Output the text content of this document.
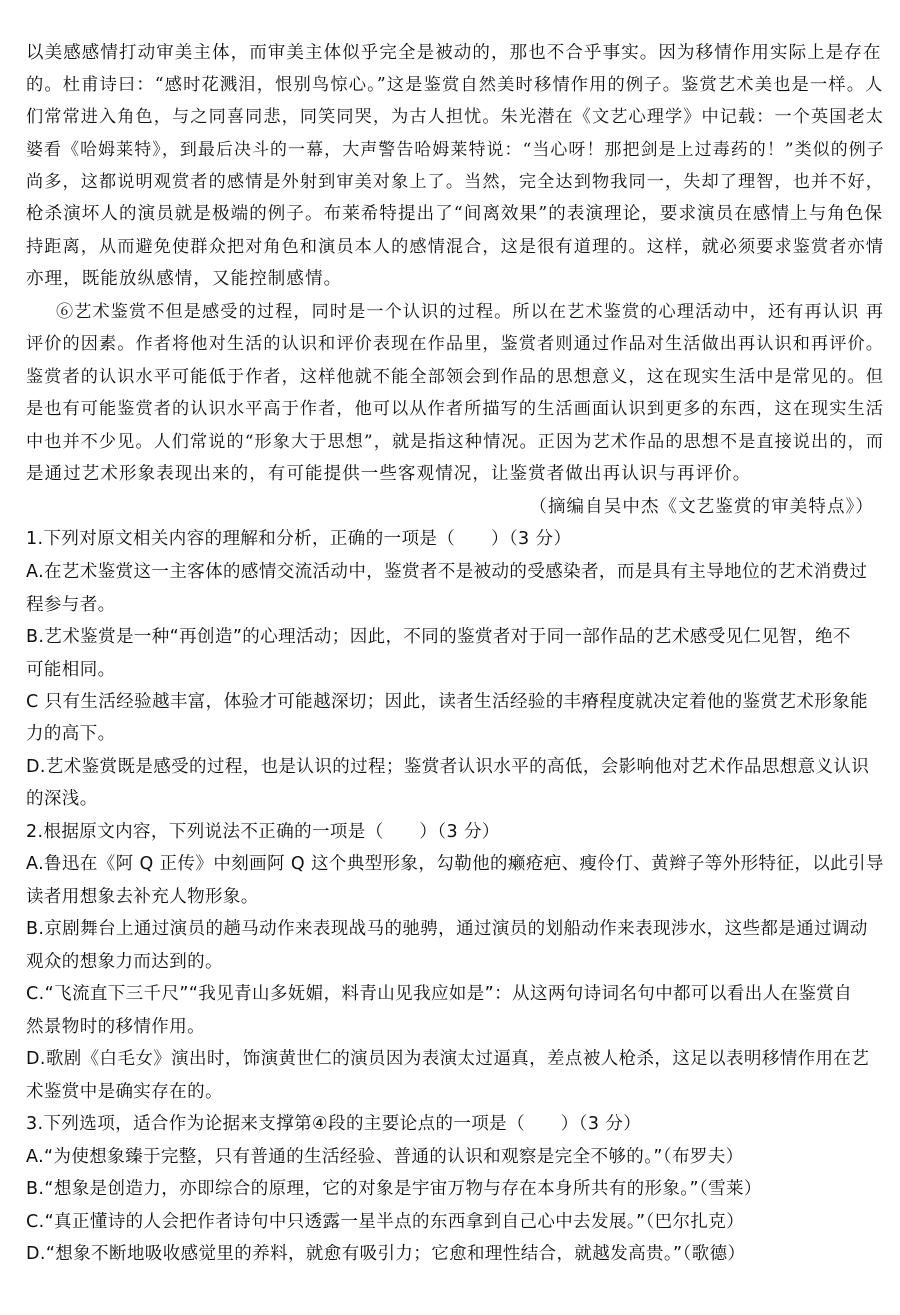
以美感感情打动审美主体，而审美主体似乎完全是被动的，那也不合乎事实。因为移情作用实际上是存在
的。杜甫诗曰：“感时花溅泪，恨别鸟惊心。”这是鉴赏自然美时移情作用的例子。鉴赏艺术美也是一样。人
们常常进入角色，与之同喜同悲，同笑同哭，为古人担忧。朱光潜在《文艺心理学》中记载：一个英国老太
婆看《哈姆莱特》，到最后决斗的一幕，大声警告哈姆莱特说：“当心呀！那把剑是上过毒药的！”类似的例子
尚多，这都说明观赏者的感情是外射到审美对象上了。当然，完全达到物我同一，失却了理智，也并不好，
枪杀演坏人的演员就是极端的例子。布莱希特提出了“间离效果”的表演理论，要求演员在感情上与角色保
持距离，从而避免使群众把对角色和演员本人的感情混合，这是很有道理的。这样，就必须要求鉴赏者亦情
亦理，既能放纵感情，又能控制感情。
⑥艺术鉴赏不但是感受的过程，同时是一个认识的过程。所以在艺术鉴赏的心理活动中，还有再认识 再
评价的因素。作者将他对生活的认识和评价表现在作品里，鉴赏者则通过作品对生活做出再认识和再评价。
鉴赏者的认识水平可能低于作者，这样他就不能全部领会到作品的思想意义，这在现实生活中是常见的。但
是也有可能鉴赏者的认识水平高于作者，他可以从作者所描写的生活画面认识到更多的东西，这在现实生活
中也并不少见。人们常说的“形象大于思想”，就是指这种情况。正因为艺术作品的思想不是直接说出的，而
是通过艺术形象表现出来的，有可能提供一些客观情况，让鉴赏者做出再认识与再评价。
（摘编自吴中杰《文艺鉴赏的审美特点》）
1.下列对原文相关内容的理解和分析，正确的一项是（　　）（3 分）
A.在艺术鉴赏这一主客体的感情交流活动中，鉴赏者不是被动的受感染者，而是具有主导地位的艺术消费过
程参与者。
B.艺术鉴赏是一种“再创造”的心理活动；因此，不同的鉴赏者对于同一部作品的艺术感受见仁见智，绝不
可能相同。
C 只有生活经验越丰富，体验才可能越深切；因此，读者生活经验的丰瘠程度就决定着他的鉴赏艺术形象能
力的高下。
D.艺术鉴赏既是感受的过程，也是认识的过程；鉴赏者认识水平的高低，会影响他对艺术作品思想意义认识
的深浅。
2.根据原文内容，下列说法不正确的一项是（　　）（3 分）
A.鲁迅在《阿 Q 正传》中刻画阿 Q 这个典型形象，勾勒他的癞疮疤、瘦伶仃、黄辫子等外形特征，以此引导
读者用想象去补充人物形象。
B.京剧舞台上通过演员的趟马动作来表现战马的驰骋，通过演员的划船动作来表现涉水，这些都是通过调动
观众的想象力而达到的。
C.“飞流直下三千尺”“我见青山多妩媚，料青山见我应如是”：从这两句诗词名句中都可以看出人在鉴赏自
然景物时的移情作用。
D.歌剧《白毛女》演出时，饰演黄世仁的演员因为表演太过逼真，差点被人枪杀，这足以表明移情作用在艺
术鉴赏中是确实存在的。
3.下列选项，适合作为论据来支撑第④段的主要论点的一项是（　　）（3 分）
A.“为使想象臻于完整，只有普通的生活经验、普通的认识和观察是完全不够的。”（布罗夫）
B.“想象是创造力，亦即综合的原理，它的对象是宇宙万物与存在本身所共有的形象。”（雪莱）
C.“真正懂诗的人会把作者诗句中只透露一星半点的东西拿到自己心中去发展。”（巴尔扎克）
D.“想象不断地吸收感觉里的养料，就愈有吸引力；它愈和理性结合，就越发高贵。”（歌德）
